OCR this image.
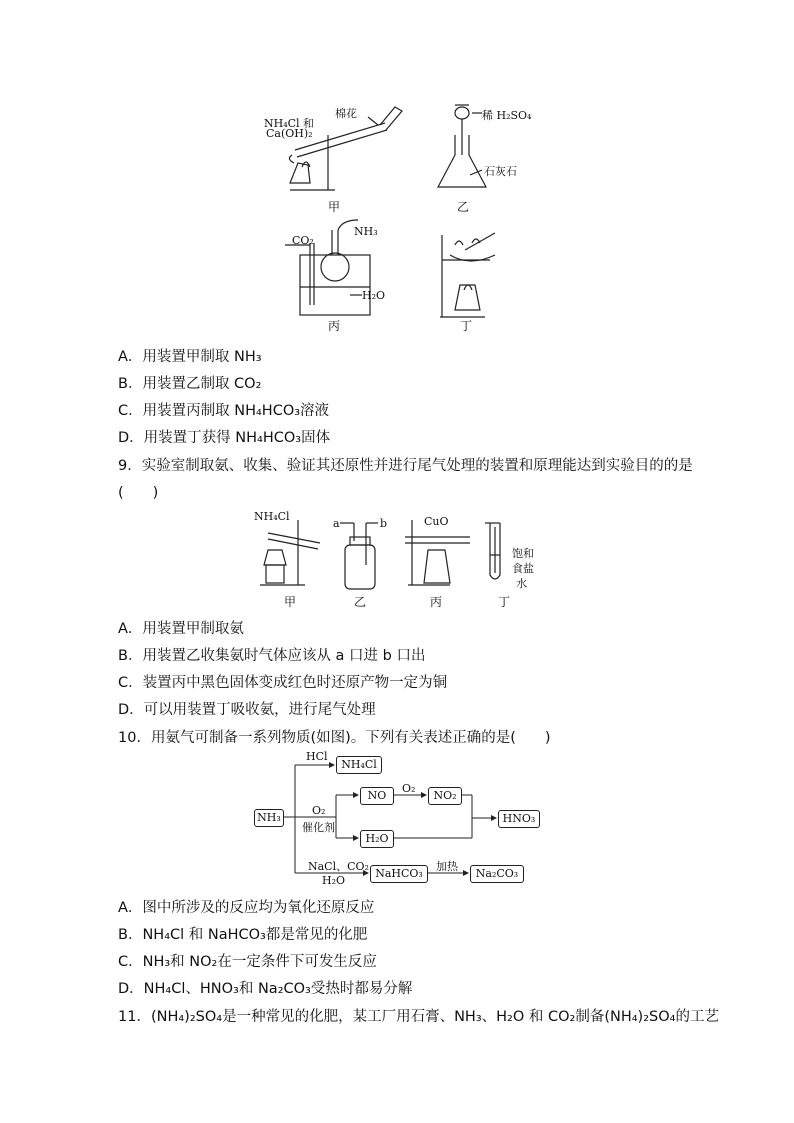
NH₄Cl 和
Ca(OH)₂
棉花
甲
稀 H₂SO₄
石灰石
乙
CO₂
NH₃
H₂O
丙	丁
A．用装置甲制取 NH₃
B．用装置乙制取 CO₂
C．用装置丙制取 NH₄HCO₃溶液
D．用装置丁获得 NH₄HCO₃固体
9．实验室制取氨、收集、验证其还原性并进行尾气处理的装置和原理能达到实验目的的是
(　　)
NH₄Cl
a	b	CuO
饱和
食盐
水
甲	乙	丙	丁
A．用装置甲制取氨
B．用装置乙收集氨时气体应该从 a 口进 b 口出
C．装置丙中黑色固体变成红色时还原产物一定为铜
D．可以用装置丁吸收氨，进行尾气处理
10．用氨气可制备一系列物质(如图)。下列有关表述正确的是(　　)
NH₃
HCl
NH₄Cl
O₂
催化剂
NO
O₂
NO₂
H₂O
HNO₃
NaCl、CO₂
H₂O
NaHCO₃
加热
Na₂CO₃
A．图中所涉及的反应均为氧化还原反应
B．NH₄Cl 和 NaHCO₃都是常见的化肥
C．NH₃和 NO₂在一定条件下可发生反应
D．NH₄Cl、HNO₃和 Na₂CO₃受热时都易分解
11．(NH₄)₂SO₄是一种常见的化肥，某工厂用石膏、NH₃、H₂O 和 CO₂制备(NH₄)₂SO₄的工艺
